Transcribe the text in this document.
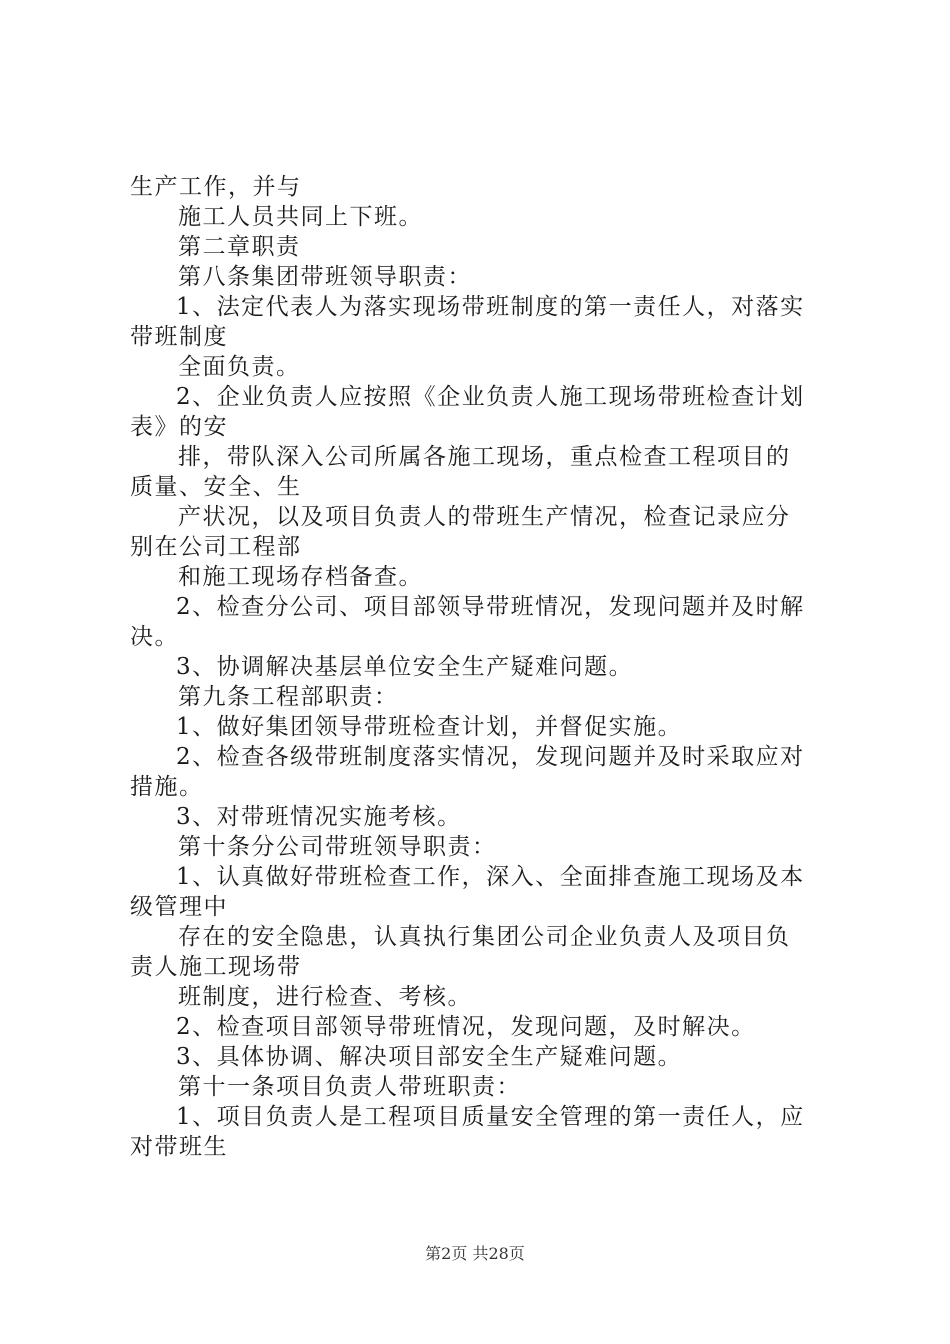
生产工作，并与
施工人员共同上下班。
第二章职责
第八条集团带班领导职责：
1、法定代表人为落实现场带班制度的第一责任人，对落实
带班制度
全面负责。
2、企业负责人应按照《企业负责人施工现场带班检查计划
表》的安
排，带队深入公司所属各施工现场，重点检查工程项目的
质量、安全、生
产状况，以及项目负责人的带班生产情况，检查记录应分
别在公司工程部
和施工现场存档备查。
2、检查分公司、项目部领导带班情况，发现问题并及时解
决。
3、协调解决基层单位安全生产疑难问题。
第九条工程部职责：
1、做好集团领导带班检查计划，并督促实施。
2、检查各级带班制度落实情况，发现问题并及时采取应对
措施。
3、对带班情况实施考核。
第十条分公司带班领导职责：
1、认真做好带班检查工作，深入、全面排查施工现场及本
级管理中
存在的安全隐患，认真执行集团公司企业负责人及项目负
责人施工现场带
班制度，进行检查、考核。
2、检查项目部领导带班情况，发现问题，及时解决。
3、具体协调、解决项目部安全生产疑难问题。
第十一条项目负责人带班职责：
1、项目负责人是工程项目质量安全管理的第一责任人，应
对带班生
第2页 共28页
